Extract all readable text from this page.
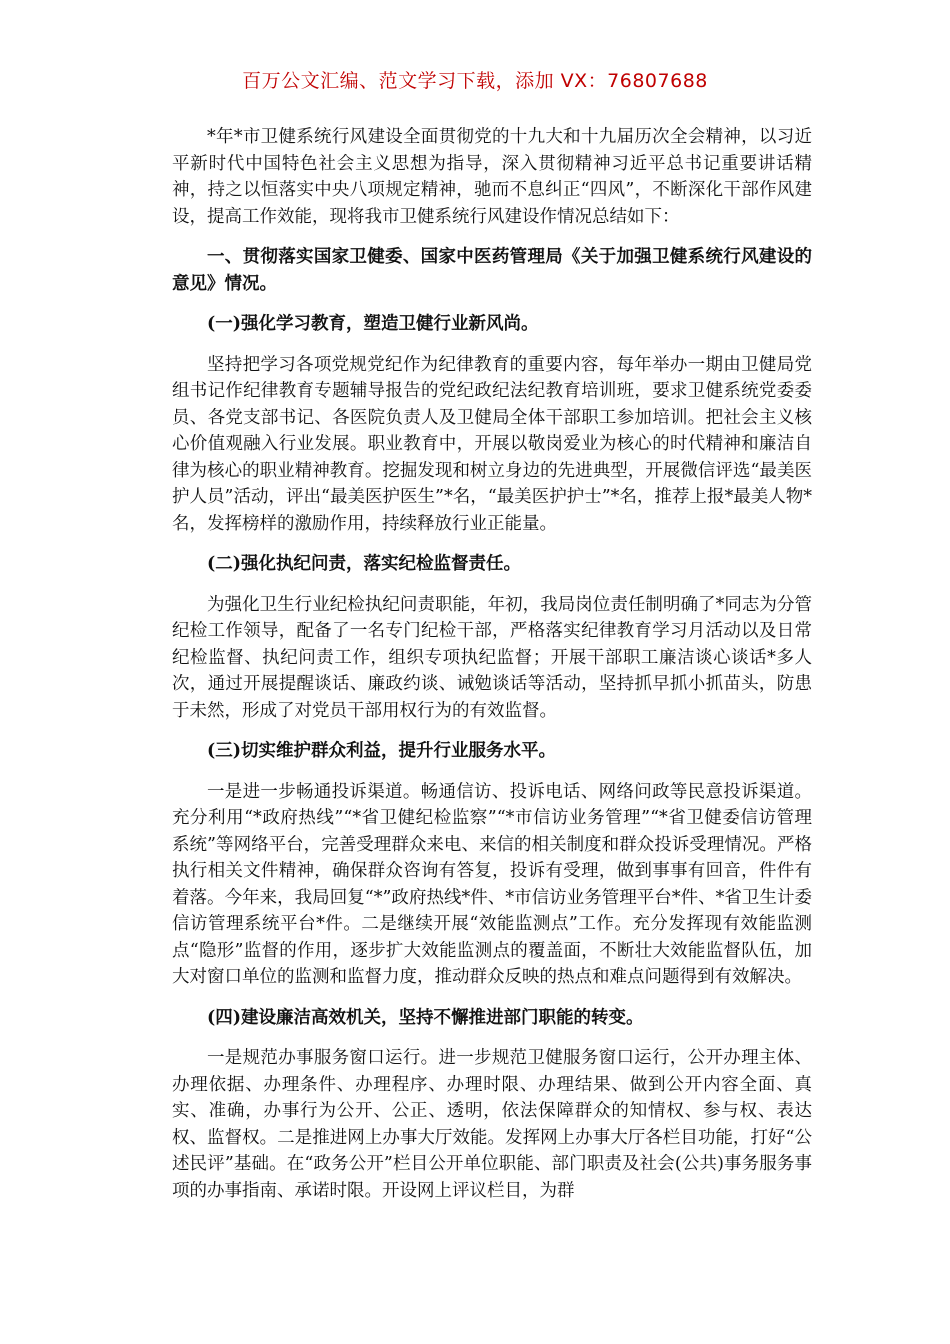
百万公文汇编、范文学习下载，添加 VX：76807688

*年*市卫健系统行风建设全面贯彻党的十九大和十九届历次全会精神，以习近平新时代中国特色社会主义思想为指导，深入贯彻精神习近平总书记重要讲话精神，持之以恒落实中央八项规定精神，驰而不息纠正“四风”，不断深化干部作风建设，提高工作效能，现将我市卫健系统行风建设作情况总结如下：

一、贯彻落实国家卫健委、国家中医药管理局《关于加强卫健系统行风建设的意见》情况。

(一)强化学习教育，塑造卫健行业新风尚。

坚持把学习各项党规党纪作为纪律教育的重要内容，每年举办一期由卫健局党组书记作纪律教育专题辅导报告的党纪政纪法纪教育培训班，要求卫健系统党委委员、各党支部书记、各医院负责人及卫健局全体干部职工参加培训。把社会主义核心价值观融入行业发展。职业教育中，开展以敬岗爱业为核心的时代精神和廉洁自律为核心的职业精神教育。挖掘发现和树立身边的先进典型，开展微信评选“最美医护人员”活动，评出“最美医护医生”*名，“最美医护护士”*名，推荐上报*最美人物*名，发挥榜样的激励作用，持续释放行业正能量。

(二)强化执纪问责，落实纪检监督责任。

为强化卫生行业纪检执纪问责职能，年初，我局岗位责任制明确了*同志为分管纪检工作领导，配备了一名专门纪检干部，严格落实纪律教育学习月活动以及日常纪检监督、执纪问责工作，组织专项执纪监督；开展干部职工廉洁谈心谈话*多人次，通过开展提醒谈话、廉政约谈、诫勉谈话等活动，坚持抓早抓小抓苗头，防患于未然，形成了对党员干部用权行为的有效监督。

(三)切实维护群众利益，提升行业服务水平。

一是进一步畅通投诉渠道。畅通信访、投诉电话、网络问政等民意投诉渠道。充分利用“*政府热线”“*省卫健纪检监察”“*市信访业务管理”“*省卫健委信访管理系统”等网络平台，完善受理群众来电、来信的相关制度和群众投诉受理情况。严格执行相关文件精神，确保群众咨询有答复，投诉有受理，做到事事有回音，件件有着落。今年来，我局回复“*”政府热线*件、*市信访业务管理平台*件、*省卫生计委信访管理系统平台*件。二是继续开展“效能监测点”工作。充分发挥现有效能监测点“隐形”监督的作用，逐步扩大效能监测点的覆盖面，不断壮大效能监督队伍，加大对窗口单位的监测和监督力度，推动群众反映的热点和难点问题得到有效解决。

(四)建设廉洁高效机关，坚持不懈推进部门职能的转变。

一是规范办事服务窗口运行。进一步规范卫健服务窗口运行，公开办理主体、办理依据、办理条件、办理程序、办理时限、办理结果、做到公开内容全面、真实、准确，办事行为公开、公正、透明，依法保障群众的知情权、参与权、表达权、监督权。二是推进网上办事大厅效能。发挥网上办事大厅各栏目功能，打好“公述民评”基础。在“政务公开”栏目公开单位职能、部门职责及社会(公共)事务服务事项的办事指南、承诺时限。开设网上评议栏目，为群
